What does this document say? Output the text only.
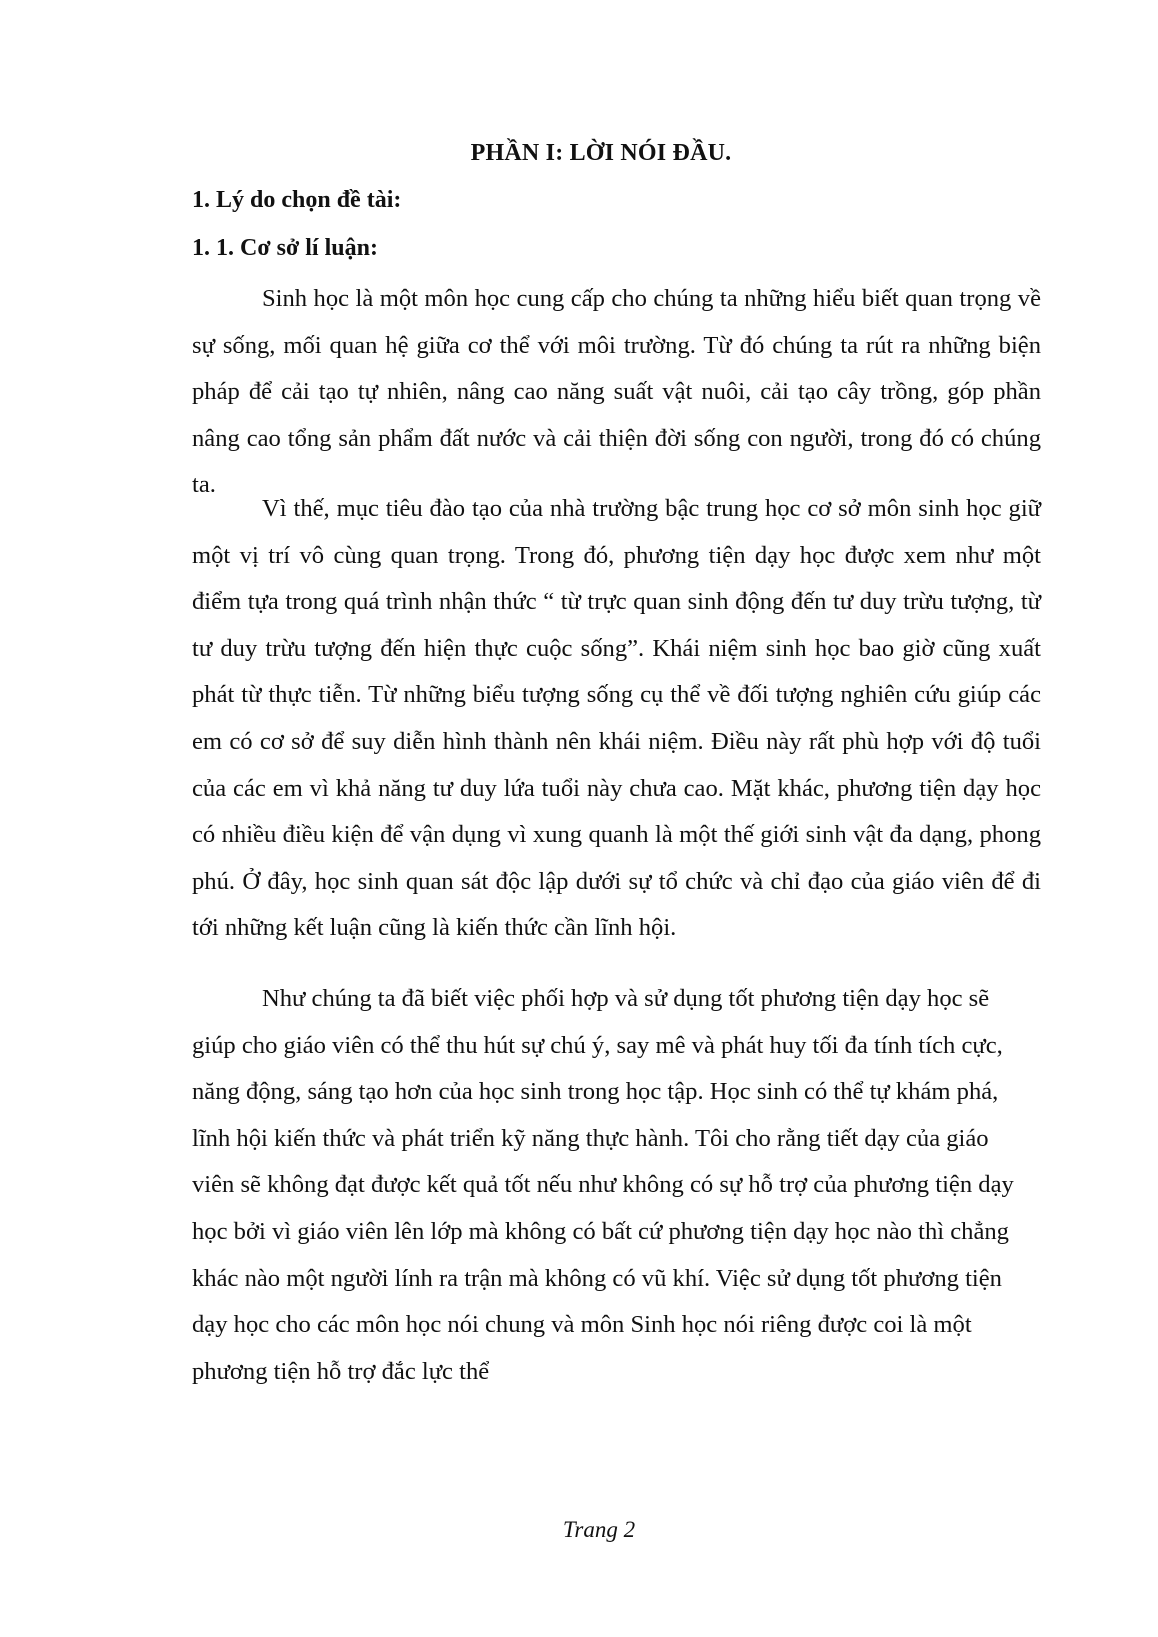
PHẦN I: LỜI NÓI ĐẦU.
1. Lý do chọn đề tài:
1. 1. Cơ sở lí luận:

Sinh học là một môn học cung cấp cho chúng ta những hiểu biết quan trọng về sự sống, mối quan hệ giữa cơ thể với môi trường. Từ đó chúng ta rút ra những biện pháp để cải tạo tự nhiên, nâng cao năng suất vật nuôi, cải tạo cây trồng, góp phần nâng cao tổng sản phẩm đất nước và cải thiện đời sống con người, trong đó có chúng ta.

Vì thế, mục tiêu đào tạo của nhà trường bậc trung học cơ sở môn sinh học giữ một vị trí vô cùng quan trọng. Trong đó, phương tiện dạy học được xem như một điểm tựa trong quá trình nhận thức “ từ trực quan sinh động đến tư duy trừu tượng, từ tư duy trừu tượng đến hiện thực cuộc sống”. Khái niệm sinh học bao giờ cũng xuất phát từ thực tiễn. Từ những biểu tượng sống cụ thể về đối tượng nghiên cứu giúp các em có cơ sở để suy diễn hình thành nên khái niệm. Điều này rất phù hợp với độ tuổi của các em vì khả năng tư duy lứa tuổi này chưa cao. Mặt khác, phương tiện dạy học có nhiều điều kiện để vận dụng vì xung quanh là một thế giới sinh vật đa dạng, phong phú. Ở đây, học sinh quan sát độc lập dưới sự tổ chức và chỉ đạo của giáo viên để đi tới những kết luận cũng là kiến thức cần lĩnh hội.

Như chúng ta đã biết việc phối hợp và sử dụng tốt phương tiện dạy học sẽ giúp cho giáo viên có thể thu hút sự chú ý, say mê và phát huy tối đa tính tích cực, năng động, sáng tạo hơn của học sinh trong học tập. Học sinh có thể tự khám phá, lĩnh hội kiến thức và phát triển kỹ năng thực hành. Tôi cho rằng tiết dạy của giáo viên sẽ không đạt được kết quả tốt nếu như không có sự hỗ trợ của phương tiện dạy học bởi vì giáo viên lên lớp mà không có bất cứ phương tiện dạy học nào thì chẳng khác nào một người lính ra trận mà không có vũ khí. Việc sử dụng tốt phương tiện dạy học cho các môn học nói chung và môn Sinh học nói riêng được coi là một phương tiện hỗ trợ đắc lực thể

Trang 2
